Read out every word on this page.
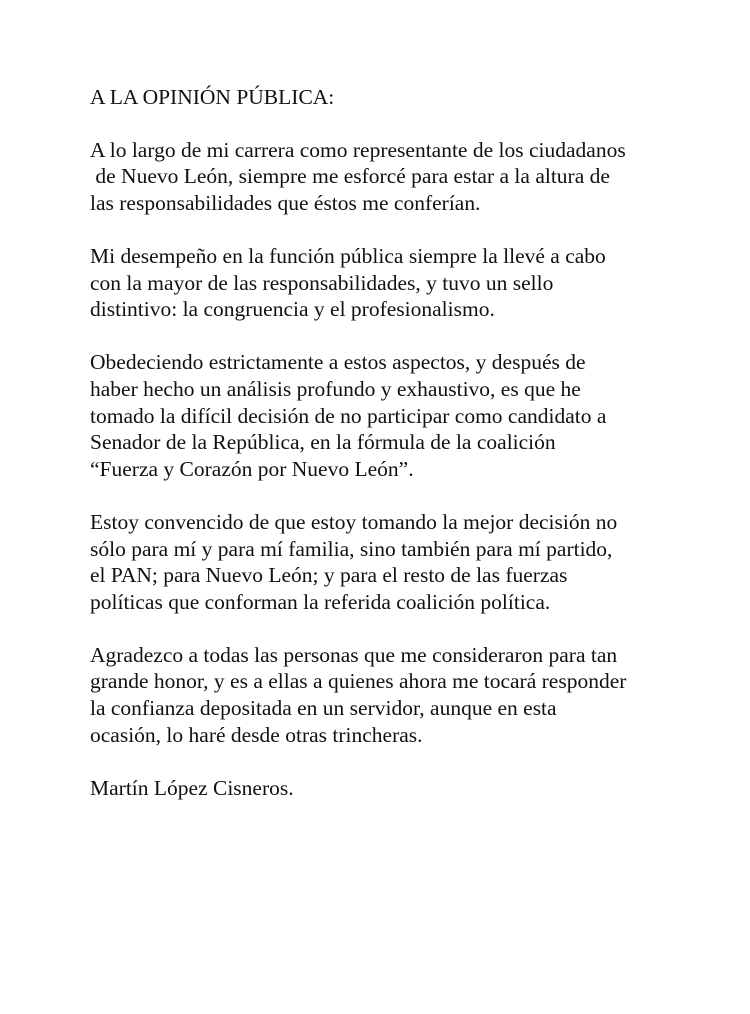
A LA OPINIÓN PÚBLICA:
A lo largo de mi carrera como representante de los ciudadanos
de Nuevo León, siempre me esforcé para estar a la altura de
las responsabilidades que éstos me conferían.
Mi desempeño en la función pública siempre la llevé a cabo
con la mayor de las responsabilidades, y tuvo un sello
distintivo: la congruencia y el profesionalismo.
Obedeciendo estrictamente a estos aspectos, y después de
haber hecho un análisis profundo y exhaustivo, es que he
tomado la difícil decisión de no participar como candidato a
Senador de la República, en la fórmula de la coalición
“Fuerza y Corazón por Nuevo León”.
Estoy convencido de que estoy tomando la mejor decisión no
sólo para mí y para mí familia, sino también para mí partido,
el PAN; para Nuevo León; y para el resto de las fuerzas
políticas que conforman la referida coalición política.
Agradezco a todas las personas que me consideraron para tan
grande honor, y es a ellas a quienes ahora me tocará responder
la confianza depositada en un servidor, aunque en esta
ocasión, lo haré desde otras trincheras.
Martín López Cisneros.
